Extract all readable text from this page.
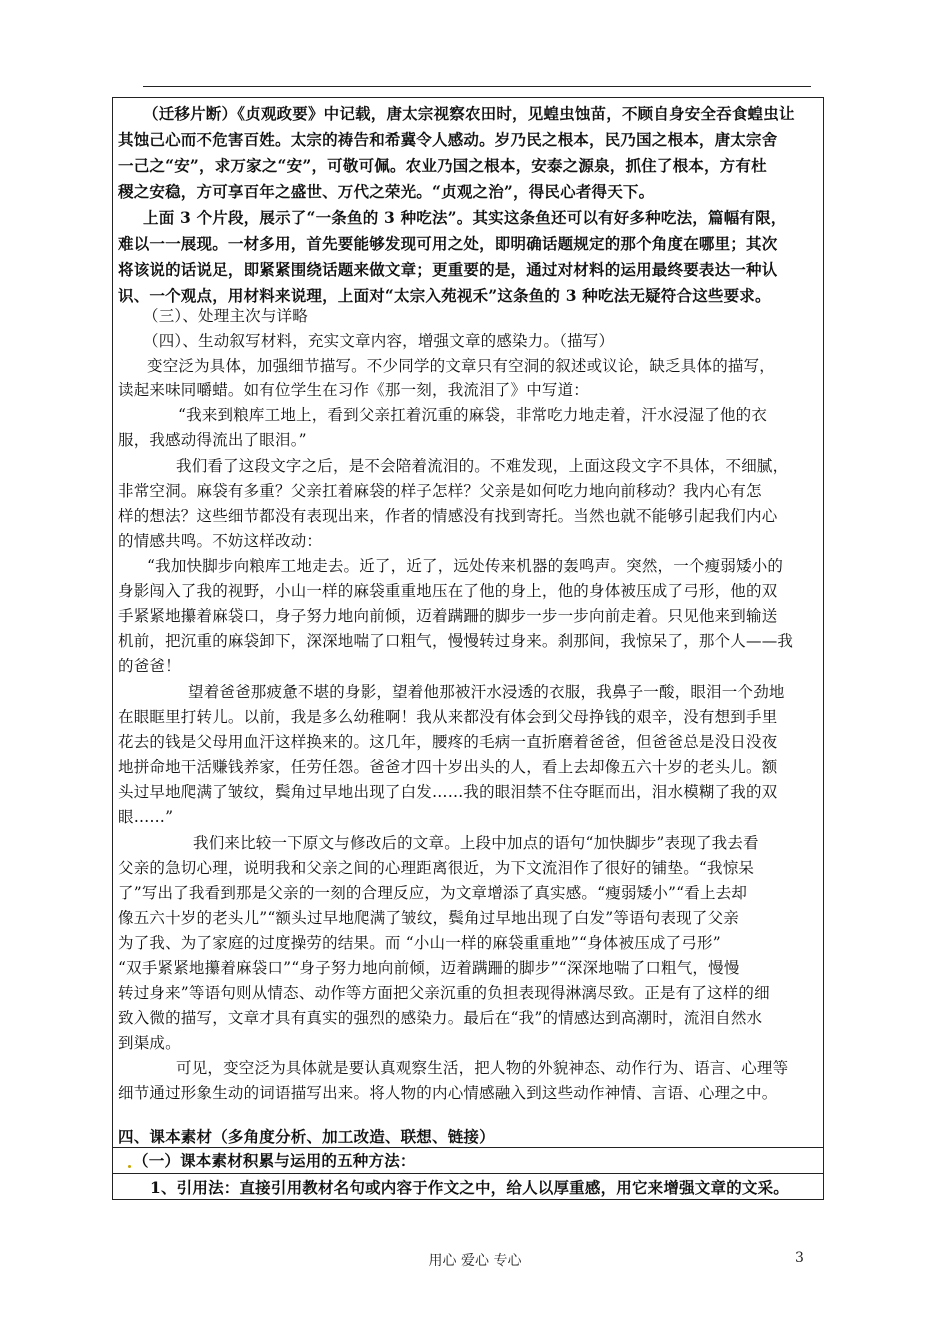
（迁移片断）《贞观政要》中记载，唐太宗视察农田时，见蝗虫蚀苗，不顾自身安全吞食蝗虫让
其蚀己心而不危害百姓。太宗的祷告和希冀令人感动。岁乃民之根本，民乃国之根本，唐太宗舍
一己之“安”，求万家之“安”，可敬可佩。农业乃国之根本，安泰之源泉，抓住了根本，方有杜
稷之安稳，方可享百年之盛世、万代之荣光。“贞观之治”，得民心者得天下。
上面 3 个片段，展示了“一条鱼的 3 种吃法”。其实这条鱼还可以有好多种吃法，篇幅有限，
难以一一展现。一材多用，首先要能够发现可用之处，即明确话题规定的那个角度在哪里；其次
将该说的话说足，即紧紧围绕话题来做文章；更重要的是，通过对材料的运用最终要表达一种认
识、一个观点，用材料来说理，上面对“太宗入苑视禾”这条鱼的 3 种吃法无疑符合这些要求。
（三）、处理主次与详略
（四）、生动叙写材料，充实文章内容，增强文章的感染力。（描写）
变空泛为具体，加强细节描写。不少同学的文章只有空洞的叙述或议论，缺乏具体的描写，
读起来味同嚼蜡。如有位学生在习作《那一刻，我流泪了》中写道：
“我来到粮库工地上，看到父亲扛着沉重的麻袋，非常吃力地走着，汗水浸湿了他的衣
服，我感动得流出了眼泪。”
我们看了这段文字之后，是不会陪着流泪的。不难发现，上面这段文字不具体，不细腻，
非常空洞。麻袋有多重？父亲扛着麻袋的样子怎样？父亲是如何吃力地向前移动？我内心有怎
样的想法？这些细节都没有表现出来，作者的情感没有找到寄托。当然也就不能够引起我们内心
的情感共鸣。不妨这样改动：
“我加快脚步向粮库工地走去。近了，近了，远处传来机器的轰鸣声。突然，一个瘦弱矮小的
身影闯入了我的视野，小山一样的麻袋重重地压在了他的身上，他的身体被压成了弓形，他的双
手紧紧地攥着麻袋口，身子努力地向前倾，迈着蹒跚的脚步一步一步向前走着。只见他来到输送
机前，把沉重的麻袋卸下，深深地喘了口粗气，慢慢转过身来。刹那间，我惊呆了，那个人——我
的爸爸！
望着爸爸那疲惫不堪的身影，望着他那被汗水浸透的衣服，我鼻子一酸，眼泪一个劲地
在眼眶里打转儿。以前，我是多么幼稚啊！我从来都没有体会到父母挣钱的艰辛，没有想到手里
花去的钱是父母用血汗这样换来的。这几年，腰疼的毛病一直折磨着爸爸，但爸爸总是没日没夜
地拼命地干活赚钱养家，任劳任怨。爸爸才四十岁出头的人，看上去却像五六十岁的老头儿。额
头过早地爬满了皱纹，鬓角过早地出现了白发……我的眼泪禁不住夺眶而出，泪水模糊了我的双
眼……”
我们来比较一下原文与修改后的文章。上段中加点的语句“加快脚步”表现了我去看
父亲的急切心理，说明我和父亲之间的心理距离很近，为下文流泪作了很好的铺垫。“我惊呆
了”写出了我看到那是父亲的一刻的合理反应，为文章增添了真实感。“瘦弱矮小”“看上去却
像五六十岁的老头儿”“额头过早地爬满了皱纹，鬓角过早地出现了白发”等语句表现了父亲
为了我、为了家庭的过度操劳的结果。而 “小山一样的麻袋重重地”“身体被压成了弓形”
“双手紧紧地攥着麻袋口”“身子努力地向前倾，迈着蹒跚的脚步”“深深地喘了口粗气，慢慢
转过身来”等语句则从情态、动作等方面把父亲沉重的负担表现得淋漓尽致。正是有了这样的细
致入微的描写，文章才具有真实的强烈的感染力。最后在“我”的情感达到高潮时，流泪自然水
到渠成。
可见，变空泛为具体就是要认真观察生活，把人物的外貌神态、动作行为、语言、心理等
细节通过形象生动的词语描写出来。将人物的内心情感融入到这些动作神情、言语、心理之中。
四、课本素材（多角度分析、加工改造、联想、链接）
（一）课本素材积累与运用的五种方法：
1、引用法：直接引用教材名句或内容于作文之中，给人以厚重感，用它来增强文章的文采。
用心 爱心 专心	3
